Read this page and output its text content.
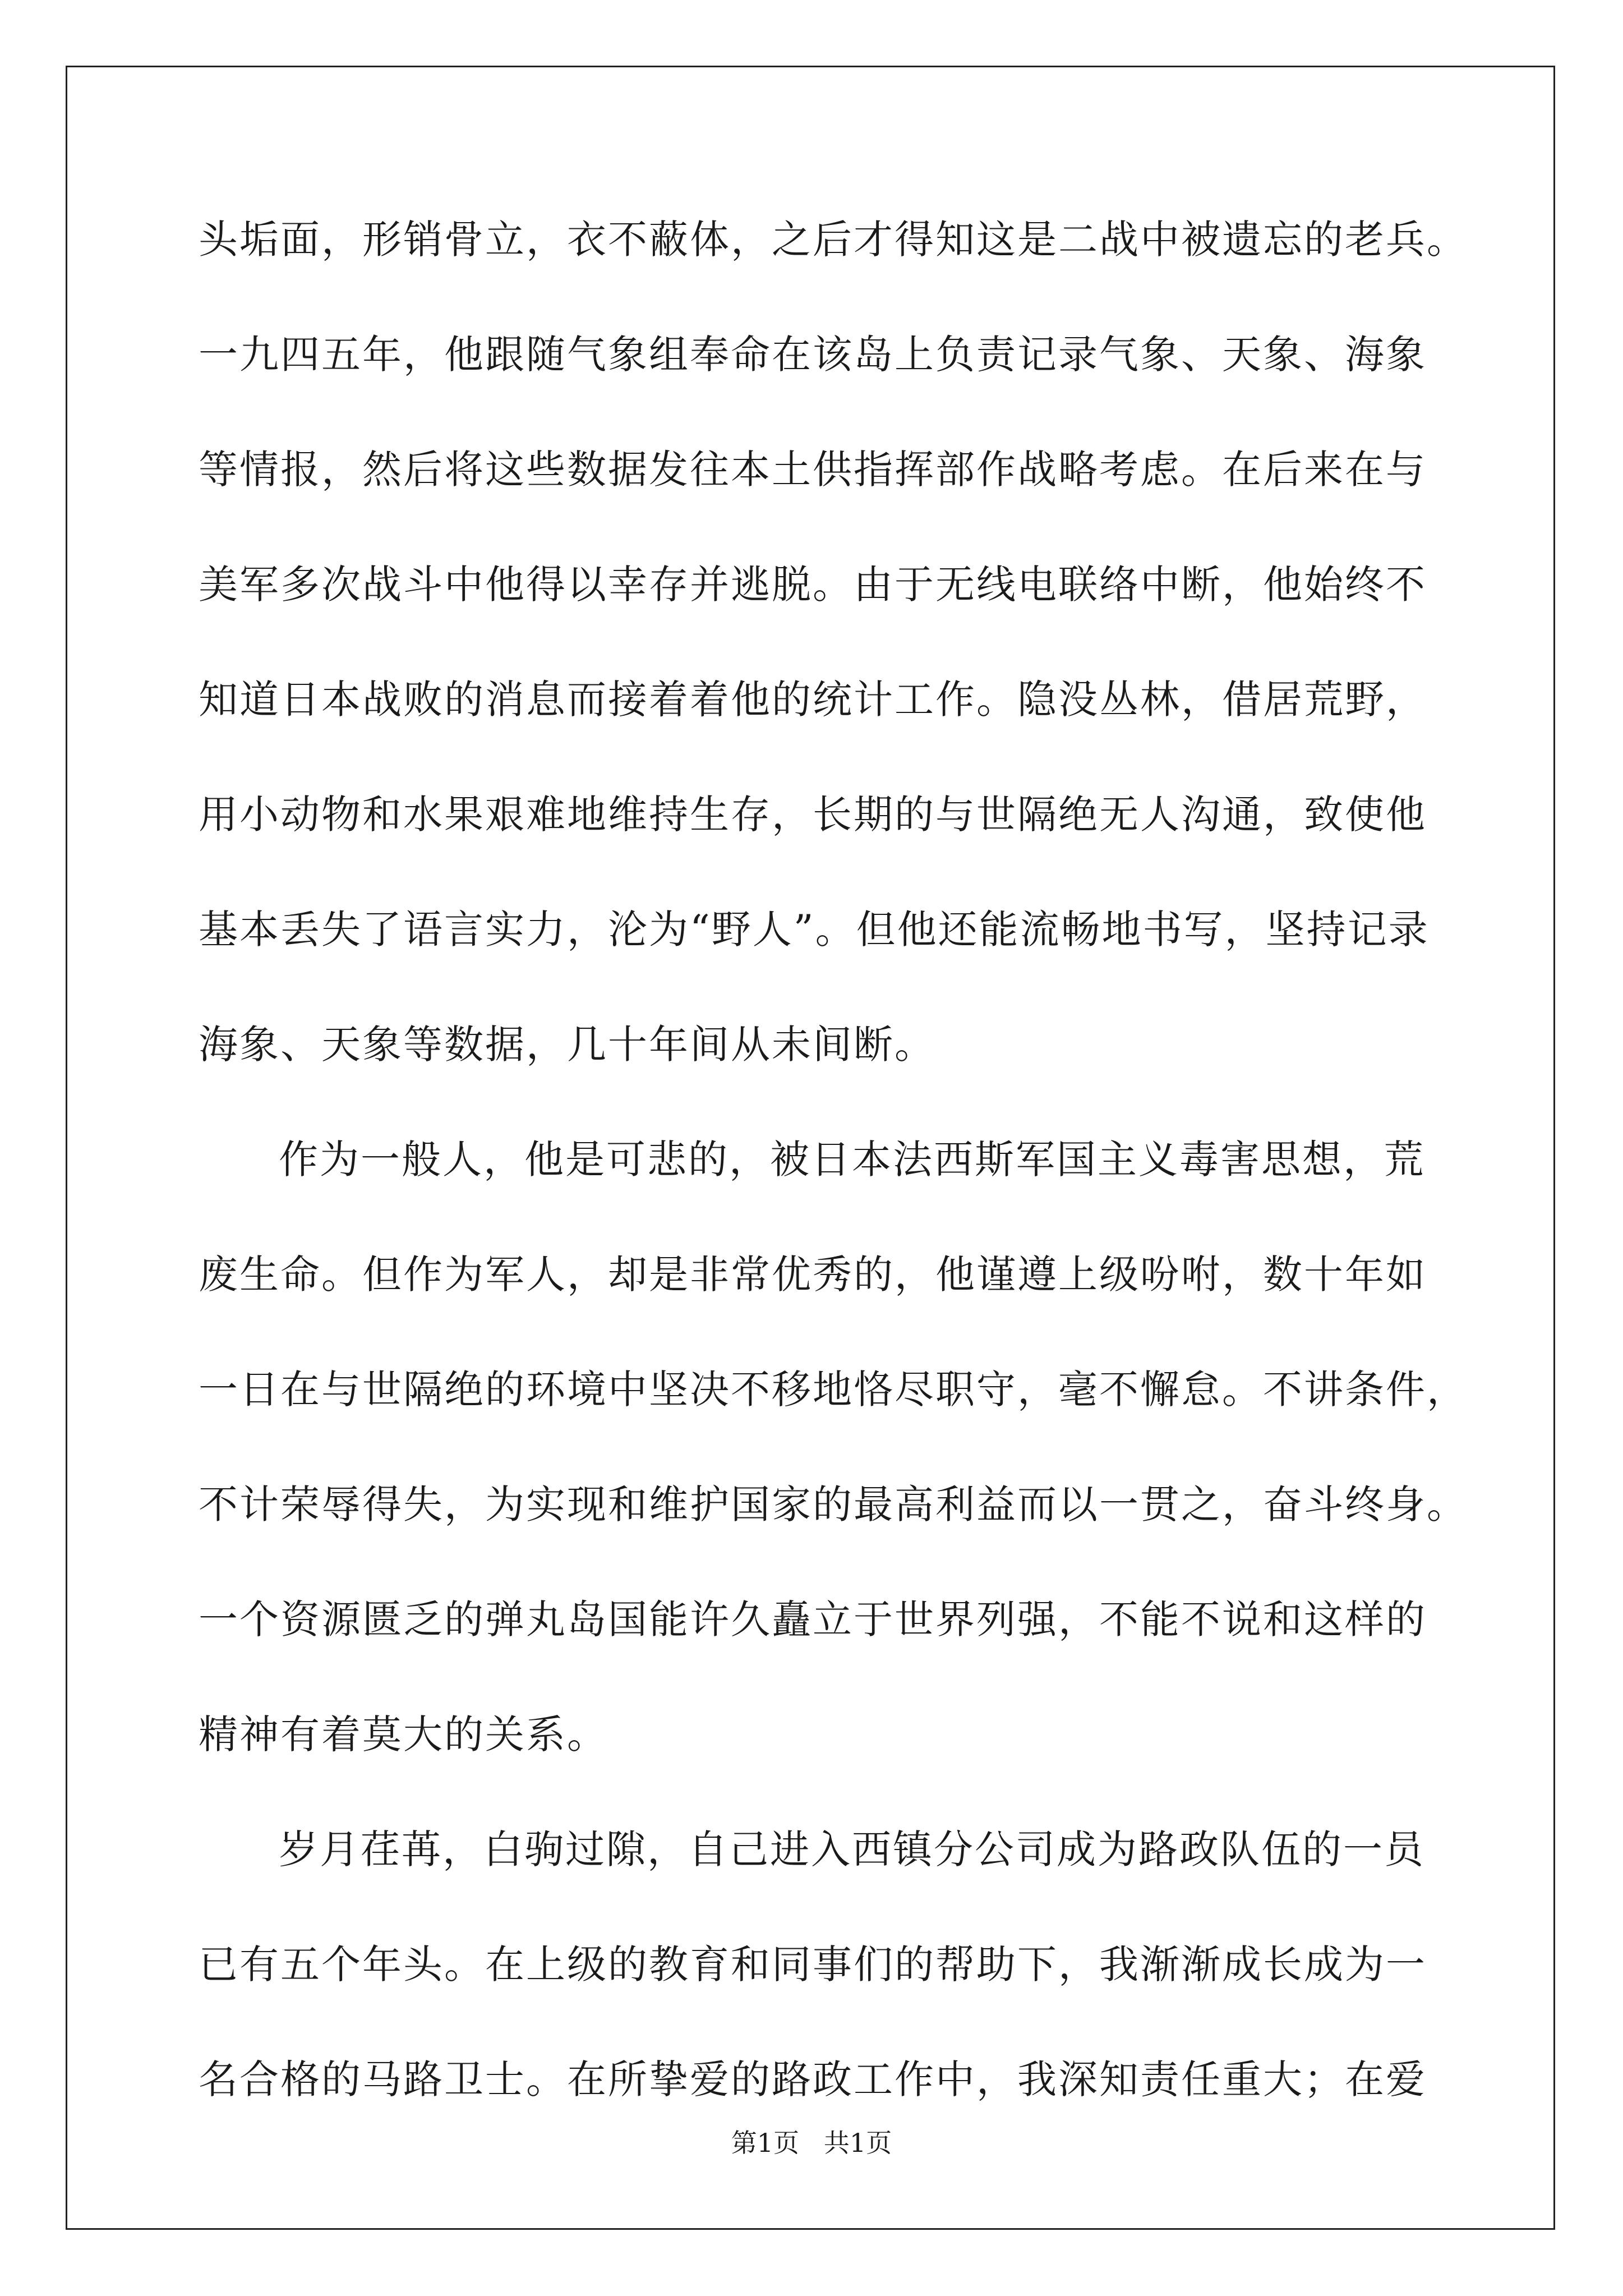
头垢面，形销骨立，衣不蔽体，之后才得知这是二战中被遗忘的老兵。
一九四五年，他跟随气象组奉命在该岛上负责记录气象、天象、海象
等情报，然后将这些数据发往本土供指挥部作战略考虑。在后来在与
美军多次战斗中他得以幸存并逃脱。由于无线电联络中断，他始终不
知道日本战败的消息而接着着他的统计工作。隐没丛林，借居荒野，
用小动物和水果艰难地维持生存，长期的与世隔绝无人沟通，致使他
基本丢失了语言实力，沦为“野人”。但他还能流畅地书写，坚持记录
海象、天象等数据，几十年间从未间断。
作为一般人，他是可悲的，被日本法西斯军国主义毒害思想，荒
废生命。但作为军人，却是非常优秀的，他谨遵上级吩咐，数十年如
一日在与世隔绝的环境中坚决不移地恪尽职守，毫不懈怠。不讲条件，
不计荣辱得失，为实现和维护国家的最高利益而以一贯之，奋斗终身。
一个资源匮乏的弹丸岛国能许久矗立于世界列强，不能不说和这样的
精神有着莫大的关系。
岁月荏苒，白驹过隙，自己进入西镇分公司成为路政队伍的一员
已有五个年头。在上级的教育和同事们的帮助下，我渐渐成长成为一
名合格的马路卫士。在所挚爱的路政工作中，我深知责任重大；在爱
第1页   共1页
